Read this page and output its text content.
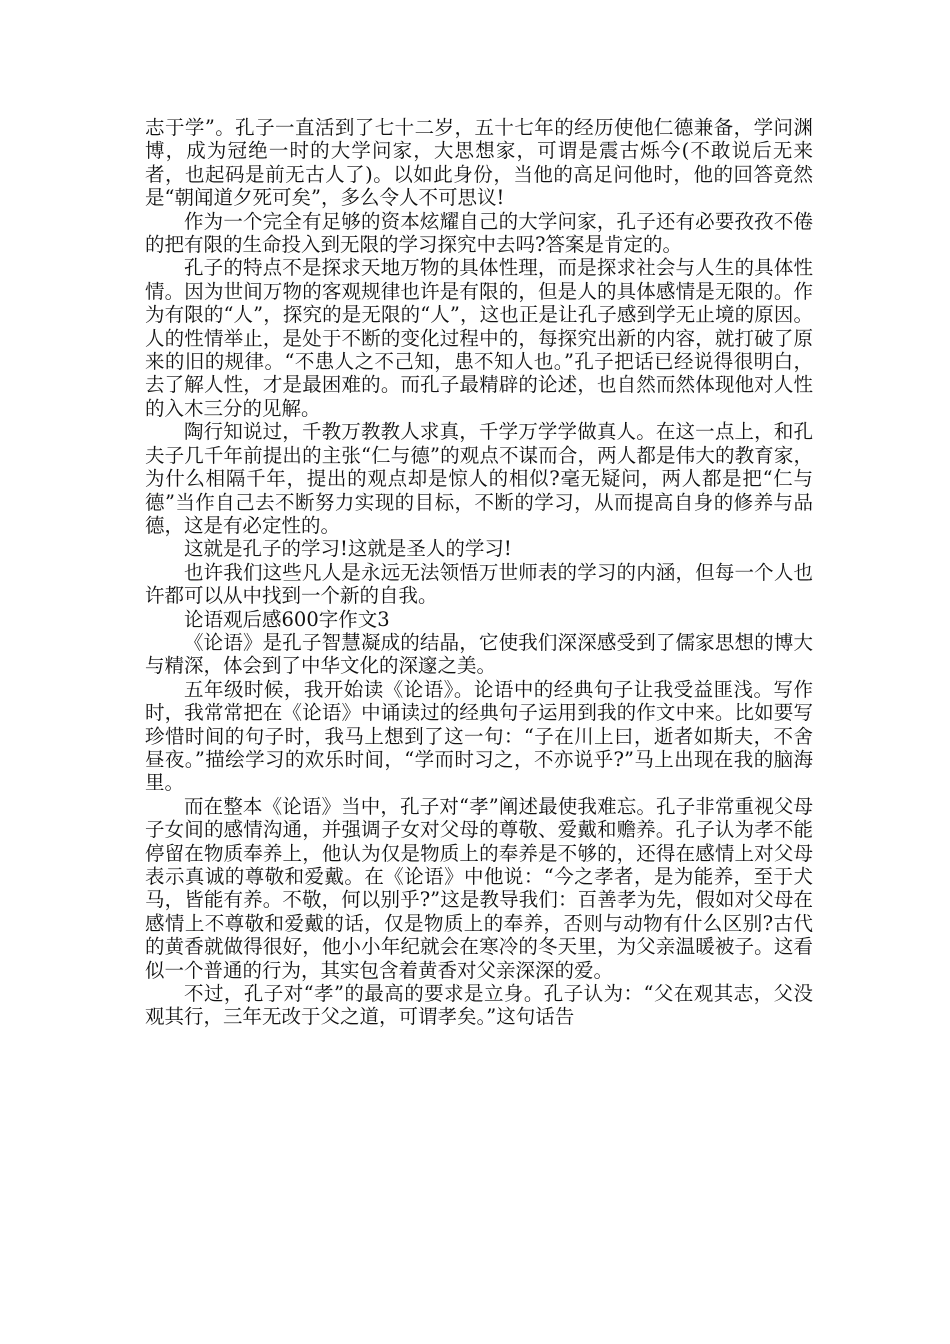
志于学”。孔子一直活到了七十二岁，五十七年的经历使他仁德兼备，学问渊博，成为冠绝一时的大学问家，大思想家，可谓是震古烁今(不敢说后无来者，也起码是前无古人了)。以如此身份，当他的高足问他时，他的回答竟然是“朝闻道夕死可矣”，多么令人不可思议!

作为一个完全有足够的资本炫耀自己的大学问家，孔子还有必要孜孜不倦的把有限的生命投入到无限的学习探究中去吗?答案是肯定的。

孔子的特点不是探求天地万物的具体性理，而是探求社会与人生的具体性情。因为世间万物的客观规律也许是有限的，但是人的具体感情是无限的。作为有限的“人”，探究的是无限的“人”，这也正是让孔子感到学无止境的原因。人的性情举止，是处于不断的变化过程中的，每探究出新的内容，就打破了原来的旧的规律。“不患人之不己知，患不知人也。”孔子把话已经说得很明白，去了解人性，才是最困难的。而孔子最精辟的论述，也自然而然体现他对人性的入木三分的见解。

陶行知说过，千教万教教人求真，千学万学学做真人。在这一点上，和孔夫子几千年前提出的主张“仁与德”的观点不谋而合，两人都是伟大的教育家，为什么相隔千年，提出的观点却是惊人的相似?毫无疑问，两人都是把“仁与德”当作自己去不断努力实现的目标，不断的学习，从而提高自身的修养与品德，这是有必定性的。

这就是孔子的学习!这就是圣人的学习!

也许我们这些凡人是永远无法领悟万世师表的学习的内涵，但每一个人也许都可以从中找到一个新的自我。

论语观后感600字作文3

《论语》是孔子智慧凝成的结晶，它使我们深深感受到了儒家思想的博大与精深，体会到了中华文化的深邃之美。

五年级时候，我开始读《论语》。论语中的经典句子让我受益匪浅。写作时，我常常把在《论语》中诵读过的经典句子运用到我的作文中来。比如要写珍惜时间的句子时，我马上想到了这一句：“子在川上曰，逝者如斯夫，不舍昼夜。”描绘学习的欢乐时间，“学而时习之，不亦说乎?”马上出现在我的脑海里。

而在整本《论语》当中，孔子对“孝”阐述最使我难忘。孔子非常重视父母子女间的感情沟通，并强调子女对父母的尊敬、爱戴和赡养。孔子认为孝不能停留在物质奉养上，他认为仅是物质上的奉养是不够的，还得在感情上对父母表示真诚的尊敬和爱戴。在《论语》中他说：“今之孝者，是为能养，至于犬马，皆能有养。不敬，何以别乎?”这是教导我们：百善孝为先，假如对父母在感情上不尊敬和爱戴的话，仅是物质上的奉养，否则与动物有什么区别?古代的黄香就做得很好，他小小年纪就会在寒冷的冬天里，为父亲温暖被子。这看似一个普通的行为，其实包含着黄香对父亲深深的爱。

不过，孔子对“孝”的最高的要求是立身。孔子认为：“父在观其志，父没观其行，三年无改于父之道，可谓孝矣。”这句话告
